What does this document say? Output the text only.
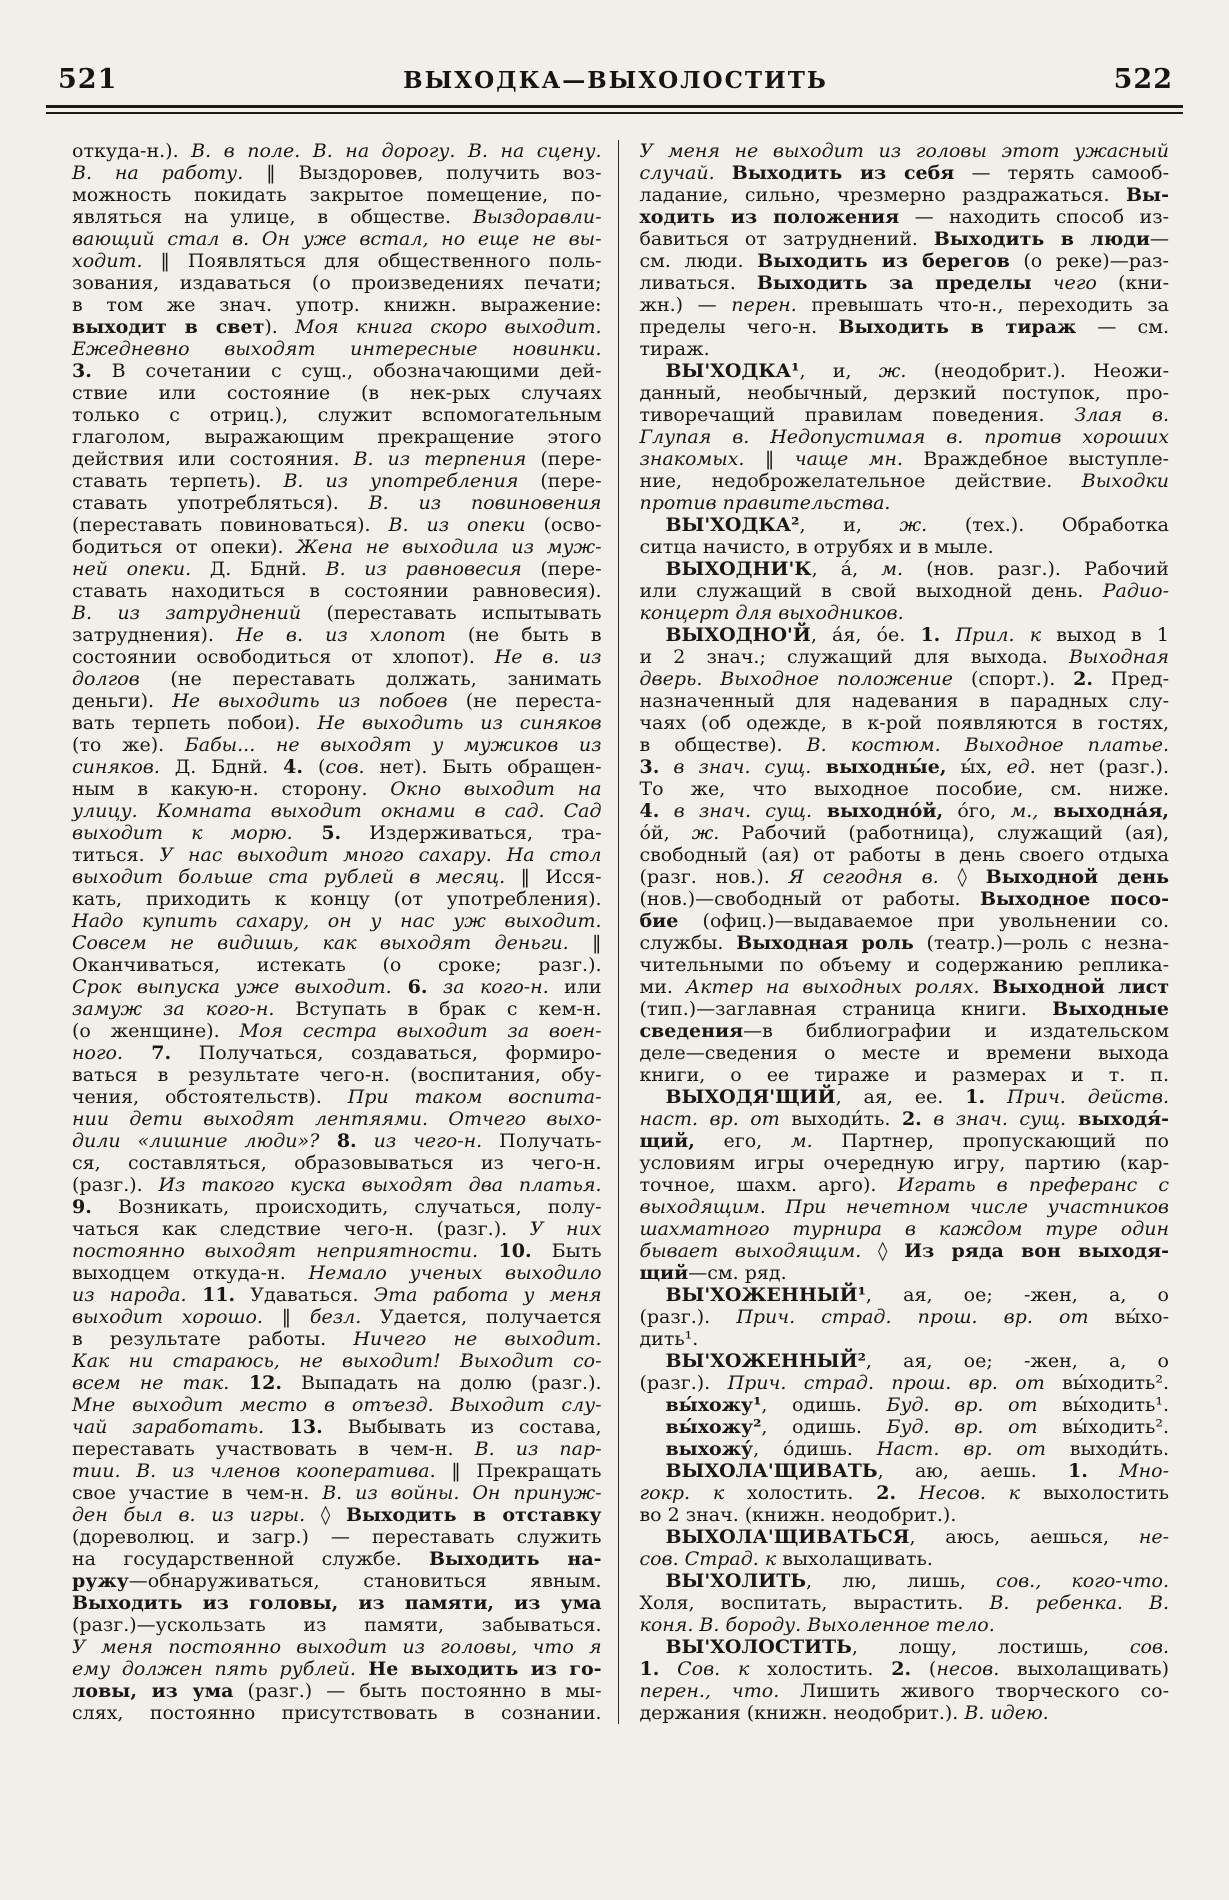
521	ВЫХОДКА—ВЫХОЛОСТИТЬ	522
откуда-н.). В. в поле. В. на дорогу. В. на сцену.
В. на работу. ‖ Выздоровев, получить воз-
можность покидать закрытое помещение, по-
являться на улице, в обществе. Выздоравли-
вающий стал в. Он уже встал, но еще не вы-
ходит. ‖ Появляться для общественного поль-
зования, издаваться (о произведениях печати;
в том же знач. употр. книжн. выражение:
выходит в свет). Моя книга скоро выходит.
Ежедневно выходят интересные новинки.
3. В сочетании с сущ., обозначающими дей-
ствие или состояние (в нек-рых случаях
только с отриц.), служит вспомогательным
глаголом, выражающим прекращение этого
действия или состояния. В. из терпения (пере-
ставать терпеть). В. из употребления (пере-
ставать употребляться). В. из повиновения
(переставать повиноваться). В. из опеки (осво-
бодиться от опеки). Жена не выходила из муж-
ней опеки. Д. Бднй. В. из равновесия (пере-
ставать находиться в состоянии равновесия).
В. из затруднений (переставать испытывать
затруднения). Не в. из хлопот (не быть в
состоянии освободиться от хлопот). Не в. из
долгов (не переставать должать, занимать
деньги). Не выходить из побоев (не переста-
вать терпеть побои). Не выходить из синяков
(то же). Бабы... не выходят у мужиков из
синяков. Д. Бднй. 4. (сов. нет). Быть обращен-
ным в какую-н. сторону. Окно выходит на
улицу. Комната выходит окнами в сад. Сад
выходит к морю. 5. Издерживаться, тра-
титься. У нас выходит много сахару. На стол
выходит больше ста рублей в месяц. ‖ Исся-
кать, приходить к концу (от употребления).
Надо купить сахару, он у нас уж выходит.
Совсем не видишь, как выходят деньги. ‖
Оканчиваться, истекать (о сроке; разг.).
Срок выпуска уже выходит. 6. за кого-н. или
замуж за кого-н. Вступать в брак с кем-н.
(о женщине). Моя сестра выходит за воен-
ного. 7. Получаться, создаваться, формиро-
ваться в результате чего-н. (воспитания, обу-
чения, обстоятельств). При таком воспита-
нии дети выходят лентяями. Отчего выхо-
дили «лишние люди»? 8. из чего-н. Получать-
ся, составляться, образовываться из чего-н.
(разг.). Из такого куска выходят два платья.
9. Возникать, происходить, случаться, полу-
чаться как следствие чего-н. (разг.). У них
постоянно выходят неприятности. 10. Быть
выходцем откуда-н. Немало ученых выходило
из народа. 11. Удаваться. Эта работа у меня
выходит хорошо. ‖ безл. Удается, получается
в результате работы. Ничего не выходит.
Как ни стараюсь, не выходит! Выходит со-
всем не так. 12. Выпадать на долю (разг.).
Мне выходит место в отъезд. Выходит слу-
чай заработать. 13. Выбывать из состава,
переставать участвовать в чем-н. В. из пар-
тии. В. из членов кооператива. ‖ Прекращать
свое участие в чем-н. В. из войны. Он принуж-
ден был в. из игры. ◊ Выходить в отставку
(дореволюц. и загр.) — переставать служить
на государственной службе. Выходить на-
ружу—обнаруживаться, становиться явным.
Выходить из головы, из памяти, из ума
(разг.)—ускользать из памяти, забываться.
У меня постоянно выходит из головы, что я
ему должен пять рублей. Не выходить из го-
ловы, из ума (разг.) — быть постоянно в мы-
слях, постоянно присутствовать в сознании.
У меня не выходит из головы этот ужасный
случай. Выходить из себя — терять самооб-
ладание, сильно, чрезмерно раздражаться. Вы-
ходить из положения — находить способ из-
бавиться от затруднений. Выходить в люди—
см. люди. Выходить из берегов (о реке)—раз-
ливаться. Выходить за пределы чего (кни-
жн.) — перен. превышать что-н., переходить за
пределы чего-н. Выходить в тираж — см.
тираж.
ВЫ'ХОДКА¹, и, ж. (неодобрит.). Неожи-
данный, необычный, дерзкий поступок, про-
тиворечащий правилам поведения. Злая в.
Глупая в. Недопустимая в. против хороших
знакомых. ‖ чаще мн. Враждебное выступле-
ние, недоброжелательное действие. Выходки
против правительства.
ВЫ'ХОДКА², и, ж. (тех.). Обработка
ситца начисто, в отрубях и в мыле.
ВЫХОДНИ'К, а́, м. (нов. разг.). Рабочий
или служащий в свой выходной день. Радио-
концерт для выходников.
ВЫХОДНО'Й, а́я, о́е. 1. Прил. к выход в 1
и 2 знач.; служащий для выхода. Выходная
дверь. Выходное положение (спорт.). 2. Пред-
назначенный для надевания в парадных слу-
чаях (об одежде, в к-рой появляются в гостях,
в обществе). В. костюм. Выходное платье.
3. в знач. сущ. выходны́е, ы́х, ед. нет (разг.).
То же, что выходное пособие, см. ниже.
4. в знач. сущ. выходно́й, о́го, м., выходна́я,
о́й, ж. Рабочий (работница), служащий (ая),
свободный (ая) от работы в день своего отдыха
(разг. нов.). Я сегодня в. ◊ Выходной день
(нов.)—свободный от работы. Выходное посо-
бие (офиц.)—выдаваемое при увольнении со.
службы. Выходная роль (театр.)—роль с незна-
чительными по объему и содержанию реплика-
ми. Актер на выходных ролях. Выходной лист
(тип.)—заглавная страница книги. Выходные
сведения—в библиографии и издательском
деле—сведения о месте и времени выхода
книги, о ее тираже и размерах и т. п.
ВЫХОДЯ'ЩИЙ, ая, ее. 1. Прич. действ.
наст. вр. от выходи́ть. 2. в знач. сущ. выходя́-
щий, его, м. Партнер, пропускающий по
условиям игры очередную игру, партию (кар-
точное, шахм. арго). Играть в преферанс с
выходящим. При нечетном числе участников
шахматного турнира в каждом туре один
бывает выходящим. ◊ Из ряда вон выходя-
щий—см. ряд.
ВЫ'ХОЖЕННЫЙ¹, ая, ое; -жен, а, о
(разг.). Прич. страд. прош. вр. от вы́хо-
дить¹.
ВЫ'ХОЖЕННЫЙ², ая, ое; -жен, а, о
(разг.). Прич. страд. прош. вр. от вы́ходить².
вы́хожу¹, одишь. Буд. вр. от вы́ходить¹.
вы́хожу², одишь. Буд. вр. от вы́ходить².
выхожу́, о́дишь. Наст. вр. от выходи́ть.
ВЫХОЛА'ЩИВАТЬ, аю, аешь. 1. Мно-
гокр. к холостить. 2. Несов. к выхолостить
во 2 знач. (книжн. неодобрит.).
ВЫХОЛА'ЩИВАТЬСЯ, аюсь, аешься, не-
сов. Страд. к выхолащивать.
ВЫ'ХОЛИТЬ, лю, лишь, сов., кого-что.
Холя, воспитать, вырастить. В. ребенка. В.
коня. В. бороду. Выхоленное тело.
ВЫ'ХОЛОСТИТЬ, лощу, лостишь, сов.
1. Сов. к холостить. 2. (несов. выхолащивать)
перен., что. Лишить живого творческого со-
держания (книжн. неодобрит.). В. идею.
